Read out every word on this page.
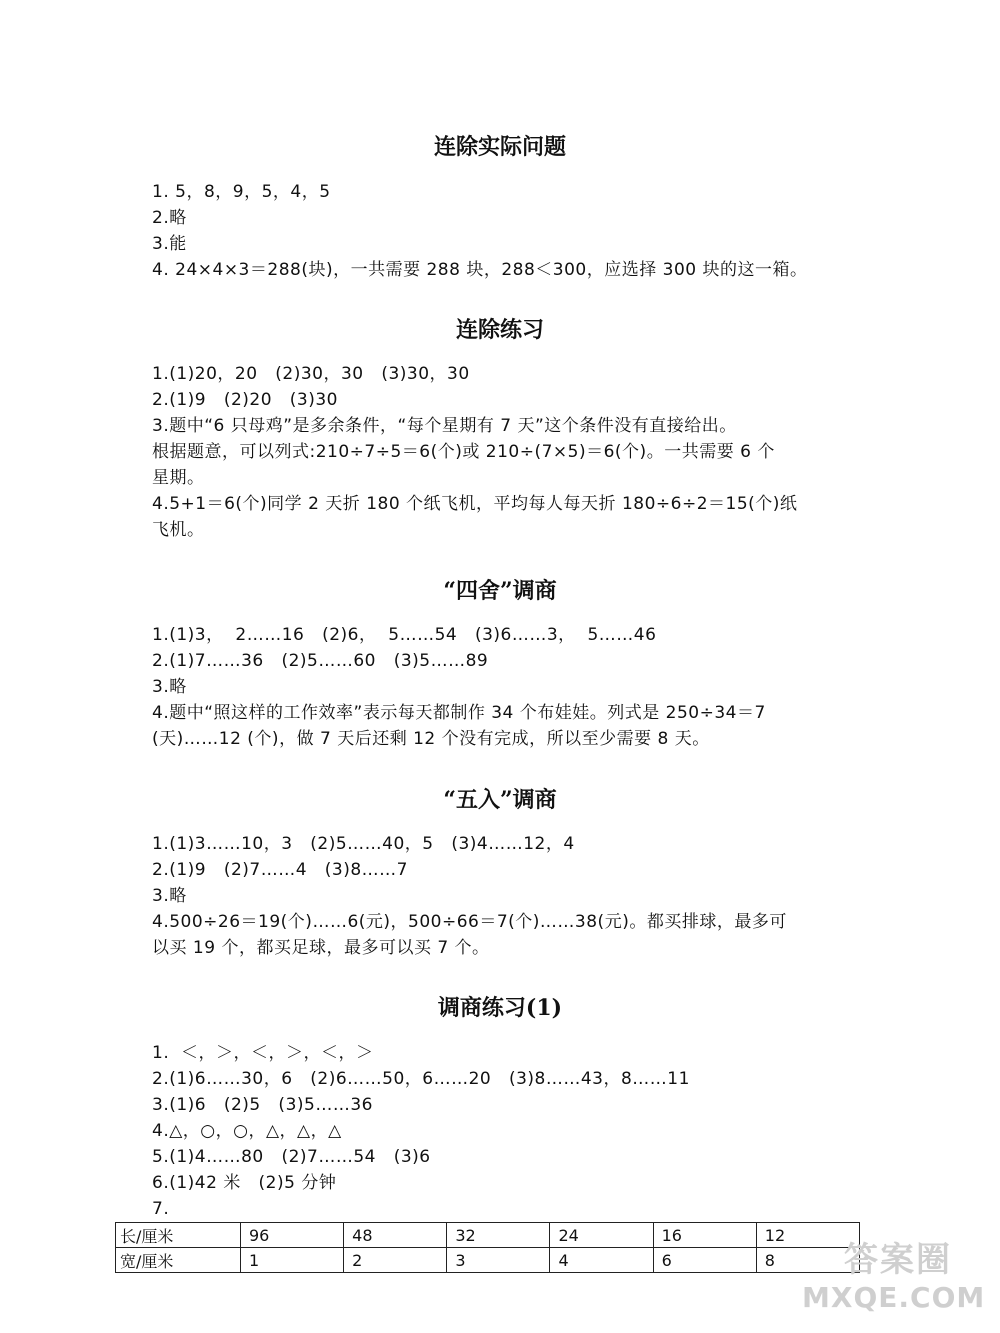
连除实际问题

1. 5，8，9，5，4，5

2.略

3.能

4. 24×4×3＝288(块)，一共需要 288 块，288＜300，应选择 300 块的这一箱。

连除练习

1.(1)20，20   (2)30，30   (3)30，30

2.(1)9   (2)20   (3)30

3.题中“6 只母鸡”是多余条件，“每个星期有 7 天”这个条件没有直接给出。

根据题意，可以列式:210÷7÷5＝6(个)或 210÷(7×5)＝6(个)。一共需要 6 个

星期。

4.5+1＝6(个)同学 2 天折 180 个纸飞机，平均每人每天折 180÷6÷2＝15(个)纸

飞机。

“四舍”调商

1.(1)3，  2……16   (2)6，  5……54   (3)6……3，  5……46

2.(1)7……36   (2)5……60   (3)5……89

3.略

4.题中“照这样的工作效率”表示每天都制作 34 个布娃娃。列式是 250÷34＝7

(天)……12 (个)，做 7 天后还剩 12 个没有完成，所以至少需要 8 天。

“五入”调商

1.(1)3……10，3   (2)5……40，5   (3)4……12，4

2.(1)9   (2)7……4   (3)8……7

3.略

4.500÷26＝19(个)……6(元)，500÷66＝7(个)……38(元)。都买排球，最多可

以买 19 个，都买足球，最多可以买 7 个。

调商练习(1)

1.  ＜，＞，＜，＞，＜，＞

2.(1)6……30，6   (2)6……50，6……20   (3)8……43，8……11

3.(1)6   (2)5   (3)5……36

4.△，○，○，△，△，△

5.(1)4……80   (2)7……54   (3)6

6.(1)42 米   (2)5 分钟

7.

长/厘米	96	48	32	24	16	12
宽/厘米	1	2	3	4	6	8	答案圈
MXQE.COM
